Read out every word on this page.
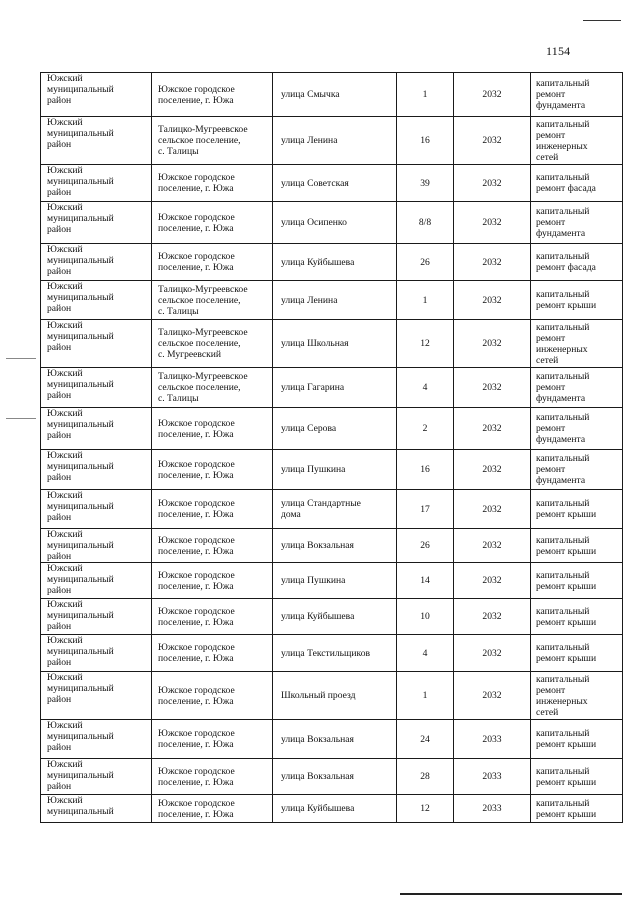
1154
Южский
муниципальный
район	Южское городское
поселение, г. Южа	улица Смычка	1	2032	капитальный
ремонт
фундамента

Южский
муниципальный
район	Талицко-Мугреевское
сельское поселение,
с. Талицы	улица Ленина	16	2032	капитальный
ремонт
инженерных
сетей

Южский
муниципальный
район	Южское городское
поселение, г. Южа	улица Советская	39	2032	капитальный
ремонт фасада

Южский
муниципальный
район	Южское городское
поселение, г. Южа	улица Осипенко	8/8	2032	капитальный
ремонт
фундамента

Южский
муниципальный
район	Южское городское
поселение, г. Южа	улица Куйбышева	26	2032	капитальный
ремонт фасада

Южский
муниципальный
район	Талицко-Мугреевское
сельское поселение,
с. Талицы	улица Ленина	1	2032	капитальный
ремонт крыши

Южский
муниципальный
район	Талицко-Мугреевское
сельское поселение,
с. Мугреевский	улица Школьная	12	2032	капитальный
ремонт
инженерных
сетей

Южский
муниципальный
район	Талицко-Мугреевское
сельское поселение,
с. Талицы	улица Гагарина	4	2032	капитальный
ремонт
фундамента

Южский
муниципальный
район	Южское городское
поселение, г. Южа	улица Серова	2	2032	капитальный
ремонт
фундамента

Южский
муниципальный
район	Южское городское
поселение, г. Южа	улица Пушкина	16	2032	капитальный
ремонт
фундамента

Южский
муниципальный
район	Южское городское
поселение, г. Южа	улица Стандартные
дома	17	2032	капитальный
ремонт крыши

Южский
муниципальный
район	Южское городское
поселение, г. Южа	улица Вокзальная	26	2032	капитальный
ремонт крыши

Южский
муниципальный
район	Южское городское
поселение, г. Южа	улица Пушкина	14	2032	капитальный
ремонт крыши

Южский
муниципальный
район	Южское городское
поселение, г. Южа	улица Куйбышева	10	2032	капитальный
ремонт крыши

Южский
муниципальный
район	Южское городское
поселение, г. Южа	улица Текстильщиков	4	2032	капитальный
ремонт крыши

Южский
муниципальный
район	Южское городское
поселение, г. Южа	Школьный проезд	1	2032	капитальный
ремонт
инженерных
сетей

Южский
муниципальный
район	Южское городское
поселение, г. Южа	улица Вокзальная	24	2033	капитальный
ремонт крыши

Южский
муниципальный
район	Южское городское
поселение, г. Южа	улица Вокзальная	28	2033	капитальный
ремонт крыши

Южский
муниципальный	Южское городское
поселение, г. Южа	улица Куйбышева	12	2033	капитальный
ремонт крыши
